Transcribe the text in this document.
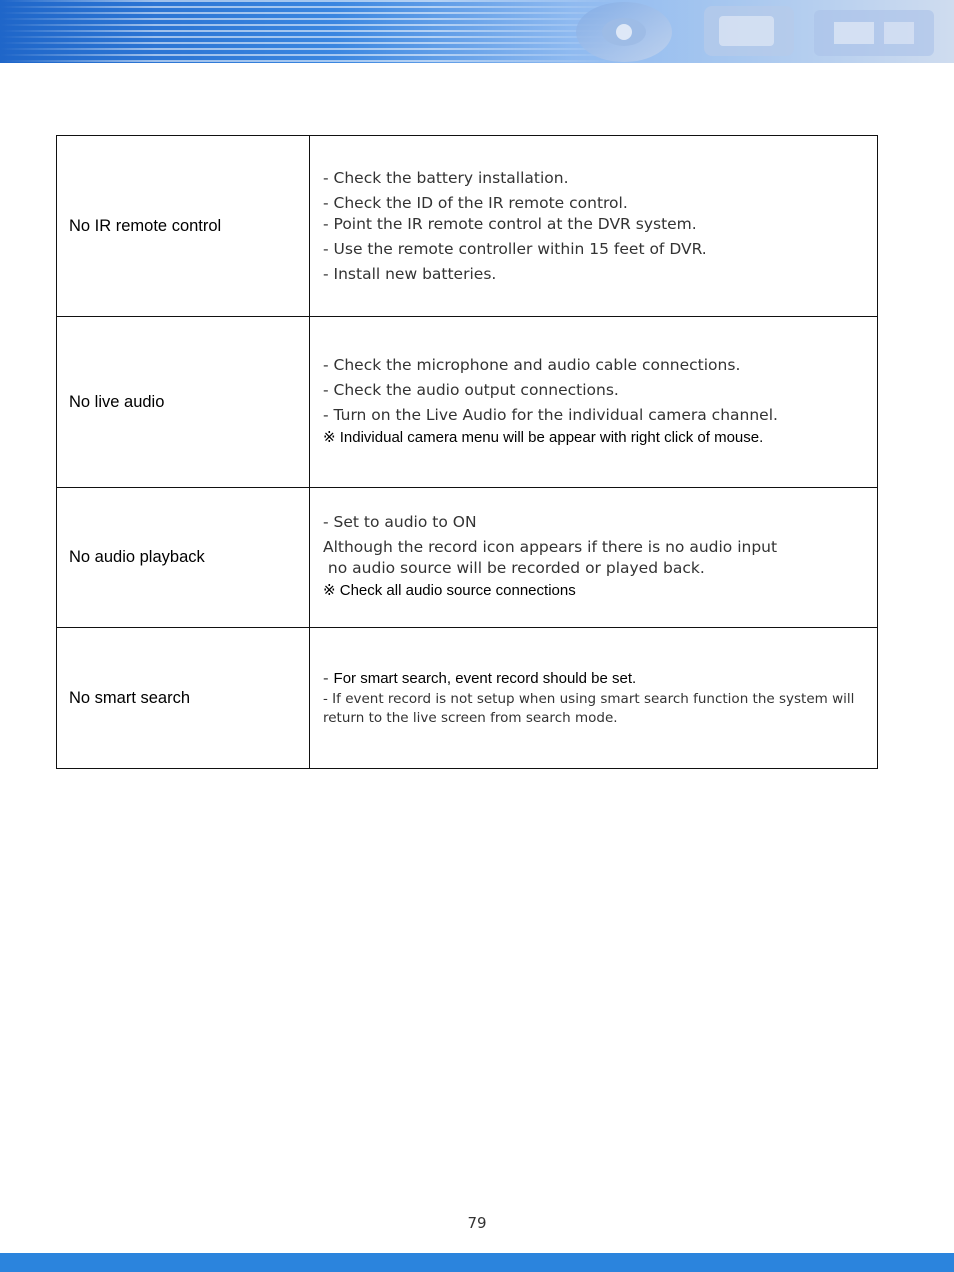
No IR remote control	- Check the battery installation.
- Check the ID of the IR remote control.
- Point the IR remote control at the DVR system.
- Use the remote controller within 15 feet of DVR.
- Install new batteries.

No live audio	- Check the microphone and audio cable connections.
- Check the audio output connections.
- Turn on the Live Audio for the individual camera channel.
※ Individual camera menu will be appear with right click of mouse.

No audio playback	- Set to audio to ON
Although the record icon appears if there is no audio input
no audio source will be recorded or played back.
※ Check all audio source connections

No smart search	- For smart search, event record should be set.
- If event record is not setup when using smart search function the system will return to the live screen from search mode.
79
